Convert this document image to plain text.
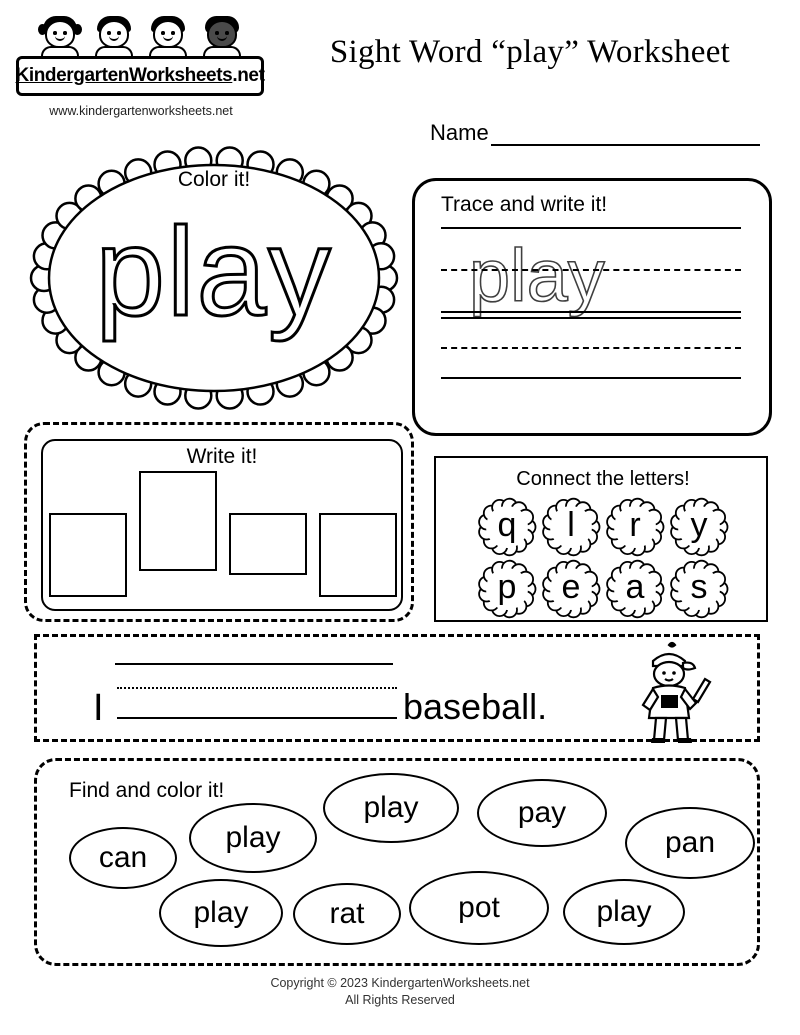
KindergartenWorksheets.net
www.kindergartenworksheets.net
Sight Word “play” Worksheet
Name
Color it!
play	Trace and write it!
play
Write it!
Connect the letters!
q	l	r	y
p	e	a	s
I	baseball.
Find and color it!
can
play
play	pay
pan
play	rat	pot	play
Copyright © 2023 KindergartenWorksheets.net
All Rights Reserved
